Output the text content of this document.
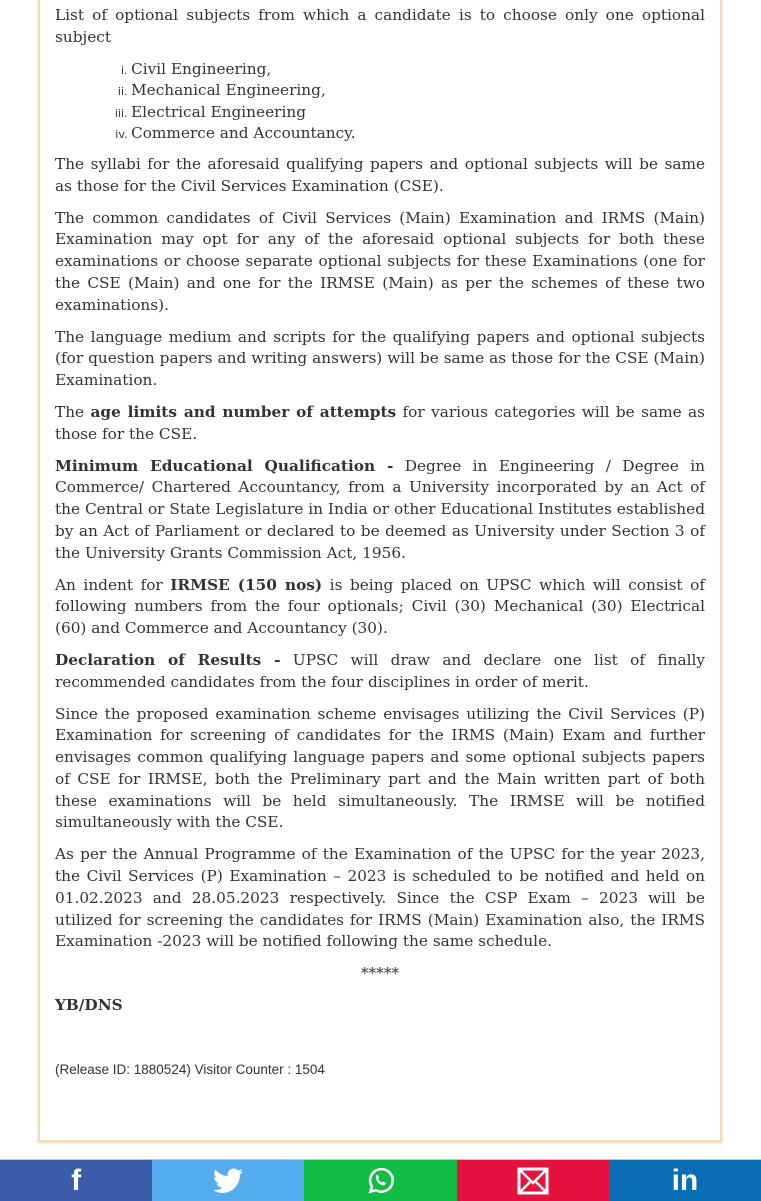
List of optional subjects from which a candidate is to choose only one optional subject

i. Civil Engineering,
ii. Mechanical Engineering,
iii. Electrical Engineering
iv. Commerce and Accountancy.

The syllabi for the aforesaid qualifying papers and optional subjects will be same as those for the Civil Services Examination (CSE).

The common candidates of Civil Services (Main) Examination and IRMS (Main) Examination may opt for any of the aforesaid optional subjects for both these examinations or choose separate optional subjects for these Examinations (one for the CSE (Main) and one for the IRMSE (Main) as per the schemes of these two examinations).

The language medium and scripts for the qualifying papers and optional subjects (for question papers and writing answers) will be same as those for the CSE (Main) Examination.

The age limits and number of attempts for various categories will be same as those for the CSE.

Minimum Educational Qualification - Degree in Engineering / Degree in Commerce/ Chartered Accountancy, from a University incorporated by an Act of the Central or State Legislature in India or other Educational Institutes established by an Act of Parliament or declared to be deemed as University under Section 3 of the University Grants Commission Act, 1956.

An indent for IRMSE (150 nos) is being placed on UPSC which will consist of following numbers from the four optionals; Civil (30) Mechanical (30) Electrical (60) and Commerce and Accountancy (30).

Declaration of Results - UPSC will draw and declare one list of finally recommended candidates from the four disciplines in order of merit.

Since the proposed examination scheme envisages utilizing the Civil Services (P) Examination for screening of candidates for the IRMS (Main) Exam and further envisages common qualifying language papers and some optional subjects papers of CSE for IRMSE, both the Preliminary part and the Main written part of both these examinations will be held simultaneously. The IRMSE will be notified simultaneously with the CSE.

As per the Annual Programme of the Examination of the UPSC for the year 2023, the Civil Services (P) Examination – 2023 is scheduled to be notified and held on 01.02.2023 and 28.05.2023 respectively. Since the CSP Exam – 2023 will be utilized for screening the candidates for IRMS (Main) Examination also, the IRMS Examination -2023 will be notified following the same schedule.

*****

YB/DNS

(Release ID: 1880524) Visitor Counter : 1504

f	in
